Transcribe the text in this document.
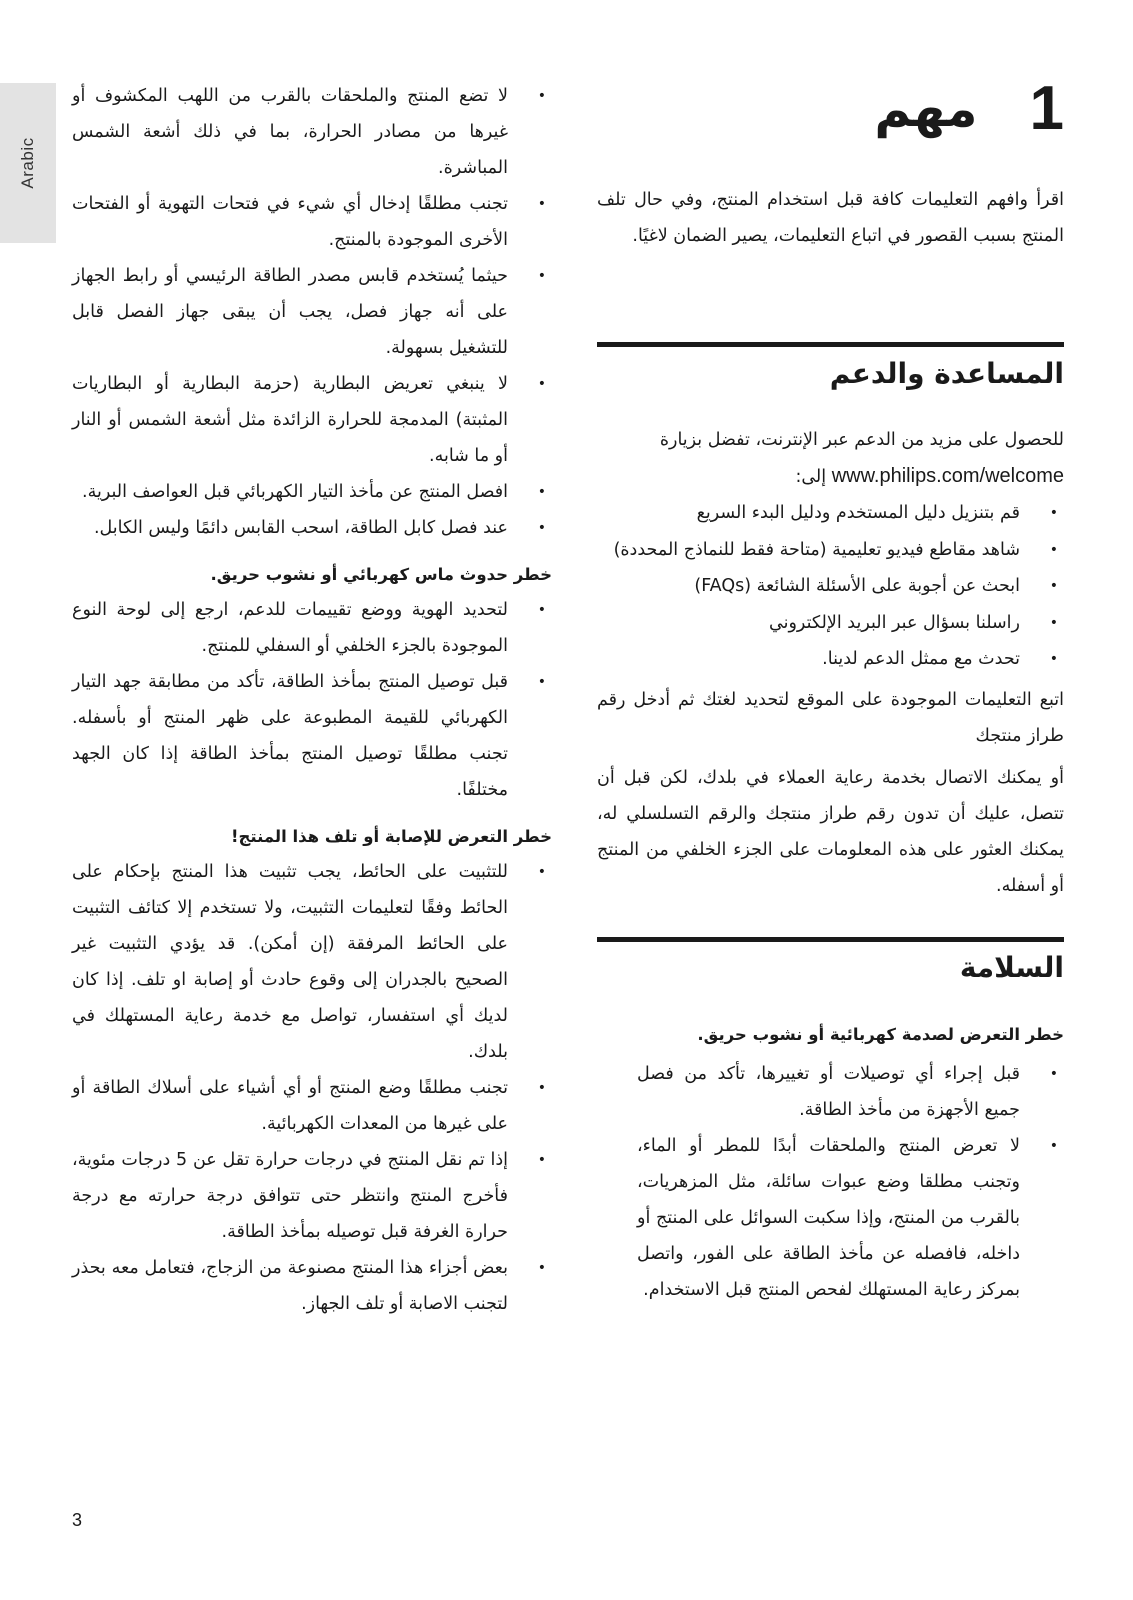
Arabic
1
مهم

اقرأ وافهم التعليمات كافة قبل استخدام المنتج، وفي حال تلف المنتج بسبب القصور في اتباع التعليمات، يصير الضمان لاغيًا.

المساعدة والدعم

للحصول على مزيد من الدعم عبر الإنترنت، تفضل بزيارة

www.philips.com/welcome إلى:

• قم بتنزيل دليل المستخدم ودليل البدء السريع
• شاهد مقاطع فيديو تعليمية (متاحة فقط للنماذج المحددة)
• ابحث عن أجوبة على الأسئلة الشائعة (FAQs)
• راسلنا بسؤال عبر البريد الإلكتروني
• تحدث مع ممثل الدعم لدينا.

اتبع التعليمات الموجودة على الموقع لتحديد لغتك ثم أدخل رقم طراز منتجك

أو يمكنك الاتصال بخدمة رعاية العملاء في بلدك، لكن قبل أن تتصل، عليك أن تدون رقم طراز منتجك والرقم التسلسلي له، يمكنك العثور على هذه المعلومات على الجزء الخلفي من المنتج أو أسفله.

السلامة

خطر التعرض لصدمة كهربائية أو نشوب حريق.

• قبل إجراء أي توصيلات أو تغييرها، تأكد من فصل جميع الأجهزة من مأخذ الطاقة.
• لا تعرض المنتج والملحقات أبدًا للمطر أو الماء، وتجنب مطلقا وضع عبوات سائلة، مثل المزهريات، بالقرب من المنتج، وإذا سكبت السوائل على المنتج أو داخله، فافصله عن مأخذ الطاقة على الفور، واتصل بمركز رعاية المستهلك لفحص المنتج قبل الاستخدام.
• لا تضع المنتج والملحقات بالقرب من اللهب المكشوف أو غيرها من مصادر الحرارة، بما في ذلك أشعة الشمس المباشرة.
• تجنب مطلقًا إدخال أي شيء في فتحات التهوية أو الفتحات الأخرى الموجودة بالمنتج.
• حيثما يُستخدم قابس مصدر الطاقة الرئيسي أو رابط الجهاز على أنه جهاز فصل، يجب أن يبقى جهاز الفصل قابل للتشغيل بسهولة.
• لا ينبغي تعريض البطارية (حزمة البطارية أو البطاريات المثبتة) المدمجة للحرارة الزائدة مثل أشعة الشمس أو النار أو ما شابه.
• افصل المنتج عن مأخذ التيار الكهربائي قبل العواصف البرية.
• عند فصل كابل الطاقة، اسحب القابس دائمًا وليس الكابل.

خطر حدوث ماس كهربائي أو نشوب حريق.

• لتحديد الهوية ووضع تقييمات للدعم، ارجع إلى لوحة النوع الموجودة بالجزء الخلفي أو السفلي للمنتج.
• قبل توصيل المنتج بمأخذ الطاقة، تأكد من مطابقة جهد التيار الكهربائي للقيمة المطبوعة على ظهر المنتج أو بأسفله. تجنب مطلقًا توصيل المنتج بمأخذ الطاقة إذا كان الجهد مختلفًا.

خطر التعرض للإصابة أو تلف هذا المنتج!

• للتثبيت على الحائط، يجب تثبيت هذا المنتج بإحكام على الحائط وفقًا لتعليمات التثبيت، ولا تستخدم إلا كتائف التثبيت على الحائط المرفقة (إن أمكن). قد يؤدي التثبيت غير الصحيح بالجدران إلى وقوع حادث أو إصابة او تلف. إذا كان لديك أي استفسار، تواصل مع خدمة رعاية المستهلك في بلدك.
• تجنب مطلقًا وضع المنتج أو أي أشياء على أسلاك الطاقة أو على غيرها من المعدات الكهربائية.
• إذا تم نقل المنتج في درجات حرارة تقل عن 5 درجات مئوية، فأخرج المنتج وانتظر حتى تتوافق درجة حرارته مع درجة حرارة الغرفة قبل توصيله بمأخذ الطاقة.
• بعض أجزاء هذا المنتج مصنوعة من الزجاج، فتعامل معه بحذر لتجنب الاصابة أو تلف الجهاز.
3
